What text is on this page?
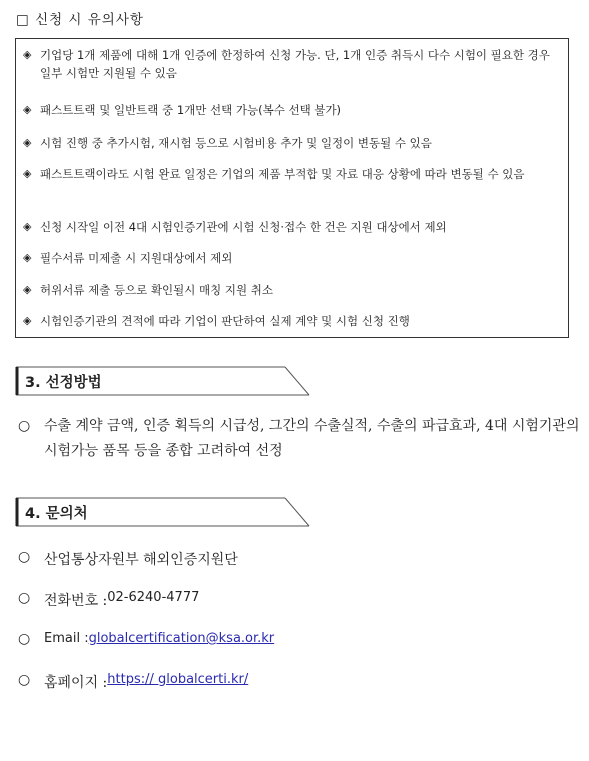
□ 신청 시 유의사항
◈ 기업당 1개 제품에 대해 1개 인증에 한정하여 신청 가능. 단, 1개 인증 취득시 다수 시험이 필요한 경우 일부 시험만 지원될 수 있음
◈ 패스트트랙 및 일반트랙 중 1개만 선택 가능(복수 선택 불가)
◈ 시험 진행 중 추가시험, 재시험 등으로 시험비용 추가 및 일정이 변동될 수 있음
◈ 패스트트랙이라도 시험 완료 일정은 기업의 제품 부적합 및 자료 대응 상황에 따라 변동될 수 있음
◈ 신청 시작일 이전 4대 시험인증기관에 시험 신청·접수 한 건은 지원 대상에서 제외
◈ 필수서류 미제출 시 지원대상에서 제외
◈ 허위서류 제출 등으로 확인될시 매칭 지원 취소
◈ 시험인증기관의 견적에 따라 기업이 판단하여 실제 계약 및 시험 신청 진행
3. 선정방법
○ 수출 계약 금액, 인증 획득의 시급성, 그간의 수출실적, 수출의 파급효과, 4대 시험기관의 시험가능 품목 등을 종합 고려하여 선정
4. 문의처
○ 산업통상자원부 해외인증지원단
○ 전화번호 : 02-6240-4777
○	Email : globalcertification@ksa.or.kr
○ 홈페이지 : https:// globalcerti.kr/
